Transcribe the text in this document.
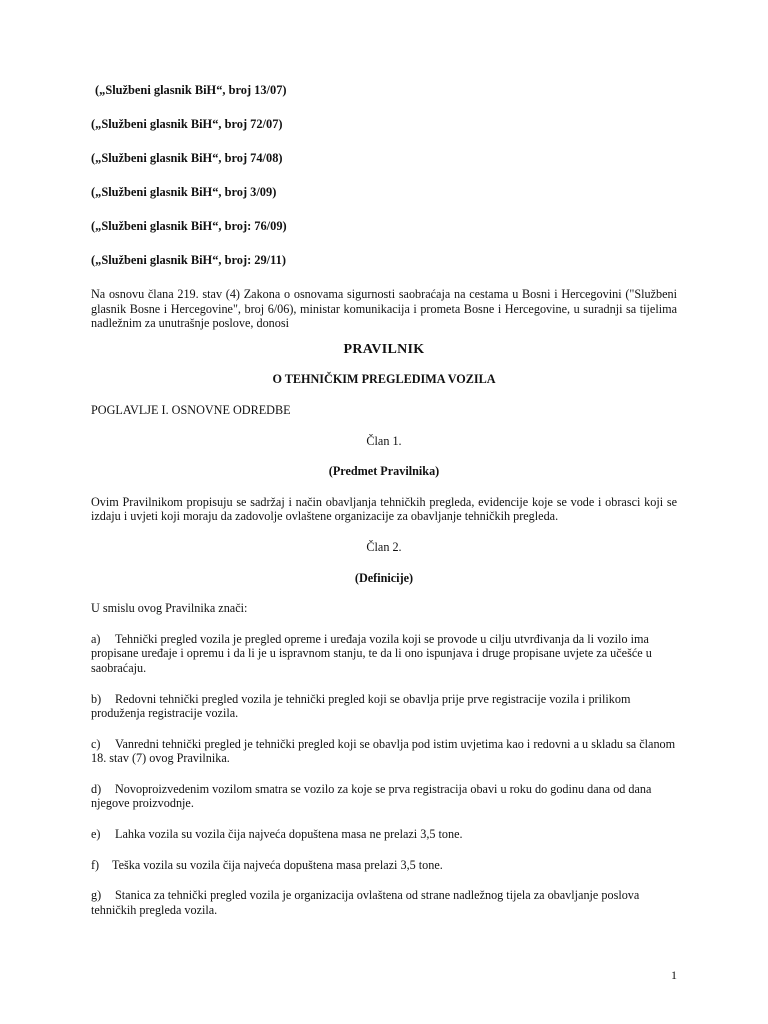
(„Službeni glasnik BiH“, broj 13/07)
(„Službeni glasnik BiH“, broj 72/07)
(„Službeni glasnik BiH“, broj 74/08)
(„Službeni glasnik BiH“, broj 3/09)
(„Službeni glasnik BiH“, broj: 76/09)
(„Službeni glasnik BiH“, broj: 29/11)

Na osnovu člana 219. stav (4) Zakona o osnovama sigurnosti saobraćaja na cestama u Bosni i Hercegovini ("Službeni glasnik Bosne i Hercegovine", broj 6/06), ministar komunikacija i prometa Bosne i Hercegovine, u suradnji sa tijelima nadležnim za unutrašnje poslove, donosi

PRAVILNIK
O TEHNIČKIM PREGLEDIMA VOZILA
POGLAVLJE I. OSNOVNE ODREDBE
Član 1.
(Predmet Pravilnika)

Ovim Pravilnikom propisuju se sadržaj i način obavljanja tehničkih pregleda, evidencije koje se vode i obrasci koji se izdaju i uvjeti koji moraju da zadovolje ovlaštene organizacije za obavljanje tehničkih pregleda.

Član 2.
(Definicije)

U smislu ovog Pravilnika znači:

a) Tehnički pregled vozila je pregled opreme i uređaja vozila koji se provode u cilju utvrđivanja da li vozilo ima propisane uređaje i opremu i da li je u ispravnom stanju, te da li ono ispunjava i druge propisane uvjete za učešće u saobraćaju.
b) Redovni tehnički pregled vozila je tehnički pregled koji se obavlja prije prve registracije vozila i prilikom produženja registracije vozila.
c) Vanredni tehnički pregled je tehnički pregled koji se obavlja pod istim uvjetima kao i redovni a u skladu sa članom 18. stav (7) ovog Pravilnika.
d) Novoproizvedenim vozilom smatra se vozilo za koje se prva registracija obavi u roku do godinu dana od dana njegove proizvodnje.
e) Lahka vozila su vozila čija najveća dopuštena masa ne prelazi 3,5 tone.
f) Teška vozila su vozila čija najveća dopuštena masa prelazi 3,5 tone.
g) Stanica za tehnički pregled vozila je organizacija ovlaštena od strane nadležnog tijela za obavljanje poslova tehničkih pregleda vozila.
1
